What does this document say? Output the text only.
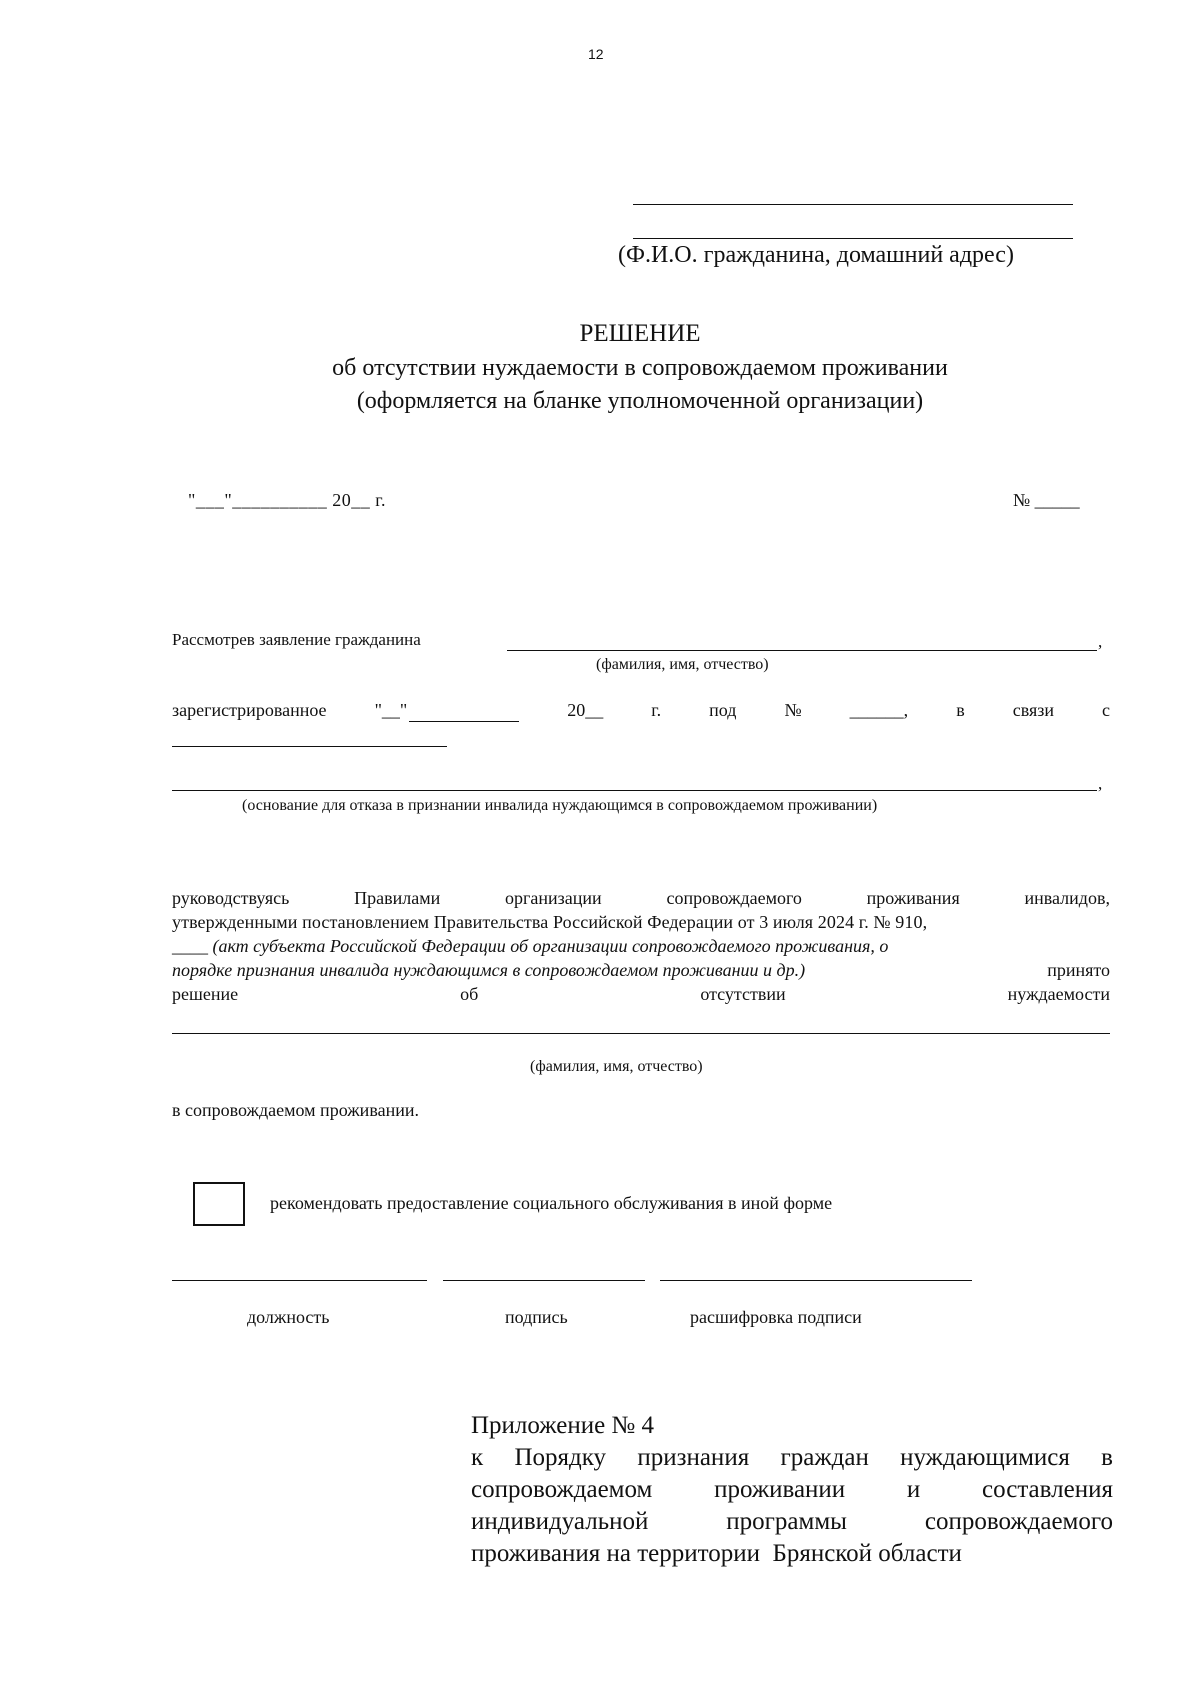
12
(Ф.И.О. гражданина, домашний адрес)
РЕШЕНИЕ
об отсутствии нуждаемости в сопровождаемом проживании
(оформляется на бланке уполномоченной организации)
"___"__________ 20__ г.	№ _____
Рассмотрев заявление гражданина	,
(фамилия, имя, отчество)
зарегистрированное	"__"
	20__	г.	под	№	______,	в	связи	с
,
(основание для отказа в признании инвалида нуждающимся в сопровождаемом проживании)
руководствуясь	Правилами	организации	сопровождаемого	проживания	инвалидов,
утвержденными постановлением Правительства Российской Федерации от 3 июля 2024 г. № 910,
____ (акт субъекта Российской Федерации об организации сопровождаемого проживания, о
порядке признания инвалида нуждающимся в сопровождаемом проживании и др.)	принято
решение	об	отсутствии	нуждаемости
(фамилия, имя, отчество)
в сопровождаемом проживании.
рекомендовать предоставление социального обслуживания в иной форме
должность	подпись	расшифровка подписи
Приложение № 4
к Порядку признания граждан нуждающимися в
сопровождаемом проживании и составления
индивидуальной	программы	сопровождаемого
проживания на территории  Брянской области
